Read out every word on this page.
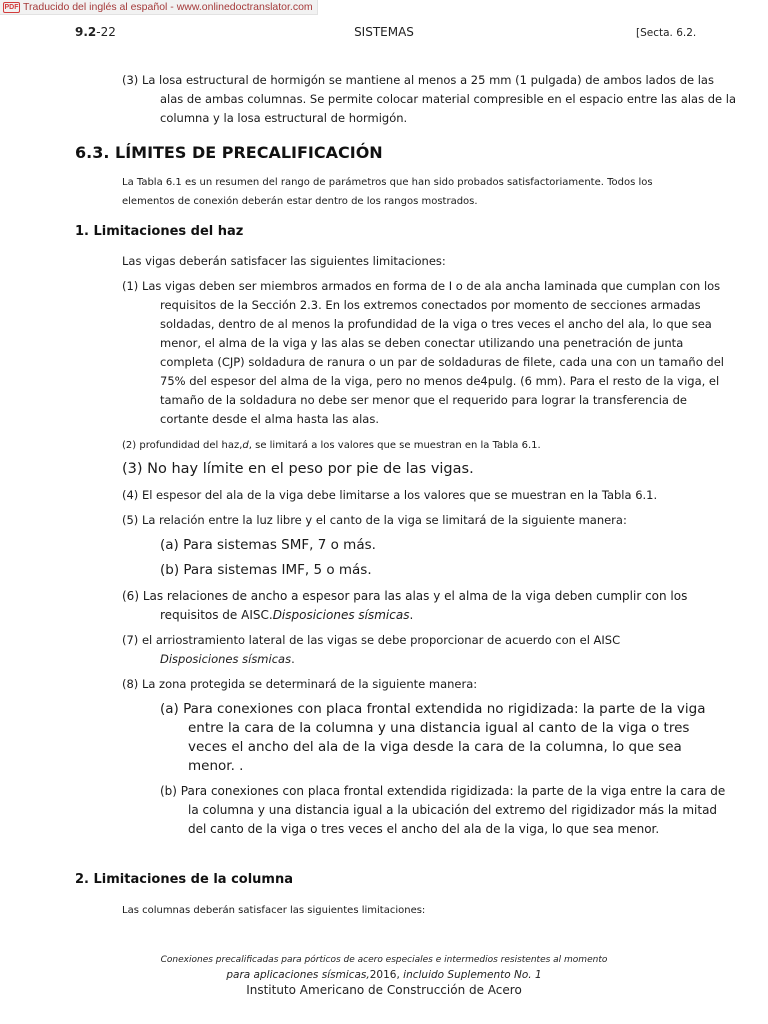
PDF Traducido del inglés al español - www.onlinedoctranslator.com
9.2-22	SISTEMAS	[Secta. 6.2.
(3) La losa estructural de hormigón se mantiene al menos a 25 mm (1 pulgada) de ambos lados de las alas de ambas columnas. Se permite colocar material compresible en el espacio entre las alas de la columna y la losa estructural de hormigón.
6.3. LÍMITES DE PRECALIFICACIÓN
La Tabla 6.1 es un resumen del rango de parámetros que han sido probados satisfactoriamente. Todos los elementos de conexión deberán estar dentro de los rangos mostrados.
1. Limitaciones del haz
Las vigas deberán satisfacer las siguientes limitaciones:
(1) Las vigas deben ser miembros armados en forma de I o de ala ancha laminada que cumplan con los requisitos de la Sección 2.3. En los extremos conectados por momento de secciones armadas soldadas, dentro de al menos la profundidad de la viga o tres veces el ancho del ala, lo que sea menor, el alma de la viga y las alas se deben conectar utilizando una penetración de junta completa (CJP) soldadura de ranura o un par de soldaduras de filete, cada una con un tamaño del 75% del espesor del alma de la viga, pero no menos de4pulg. (6 mm). Para el resto de la viga, el tamaño de la soldadura no debe ser menor que el requerido para lograr la transferencia de cortante desde el alma hasta las alas.
(2) profundidad del haz,d, se limitará a los valores que se muestran en la Tabla 6.1.
(3) No hay límite en el peso por pie de las vigas.
(4) El espesor del ala de la viga debe limitarse a los valores que se muestran en la Tabla 6.1.
(5) La relación entre la luz libre y el canto de la viga se limitará de la siguiente manera:
(a) Para sistemas SMF, 7 o más.
(b) Para sistemas IMF, 5 o más.
(6) Las relaciones de ancho a espesor para las alas y el alma de la viga deben cumplir con los requisitos de AISC.Disposiciones sísmicas.
(7) el arriostramiento lateral de las vigas se debe proporcionar de acuerdo con el AISC Disposiciones sísmicas.
(8) La zona protegida se determinará de la siguiente manera:
(a) Para conexiones con placa frontal extendida no rigidizada: la parte de la viga entre la cara de la columna y una distancia igual al canto de la viga o tres veces el ancho del ala de la viga desde la cara de la columna, lo que sea menor. .
(b) Para conexiones con placa frontal extendida rigidizada: la parte de la viga entre la cara de la columna y una distancia igual a la ubicación del extremo del rigidizador más la mitad del canto de la viga o tres veces el ancho del ala de la viga, lo que sea menor.
2. Limitaciones de la columna
Las columnas deberán satisfacer las siguientes limitaciones:
Conexiones precalificadas para pórticos de acero especiales e intermedios resistentes al momento
para aplicaciones sísmicas,2016, incluido Suplemento No. 1
Instituto Americano de Construcción de Acero
